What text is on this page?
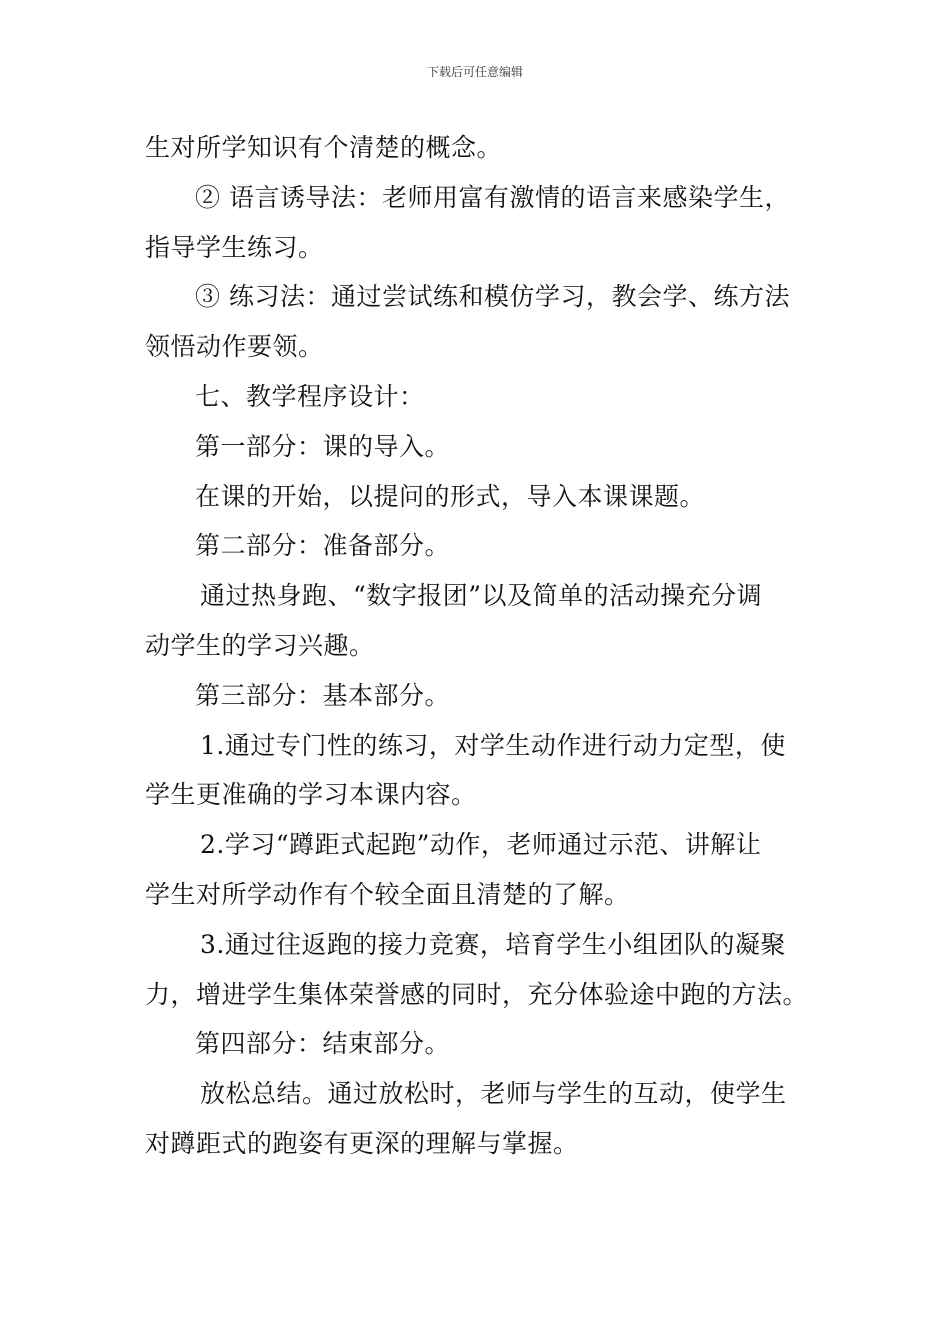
下载后可任意编辑
生对所学知识有个清楚的概念。
② 语言诱导法：老师用富有激情的语言来感染学生，
指导学生练习。
③ 练习法：通过尝试练和模仿学习，教会学、练方法
领悟动作要领。
七、教学程序设计：
第一部分：课的导入。
在课的开始，以提问的形式，导入本课课题。
第二部分：准备部分。
通过热身跑、“数字报团”以及简单的活动操充分调
动学生的学习兴趣。
第三部分：基本部分。
1.通过专门性的练习，对学生动作进行动力定型，使
学生更准确的学习本课内容。
2.学习“蹲距式起跑”动作，老师通过示范、讲解让
学生对所学动作有个较全面且清楚的了解。
3.通过往返跑的接力竞赛，培育学生小组团队的凝聚
力，增进学生集体荣誉感的同时，充分体验途中跑的方法。
第四部分：结束部分。
放松总结。通过放松时，老师与学生的互动，使学生
对蹲距式的跑姿有更深的理解与掌握。
